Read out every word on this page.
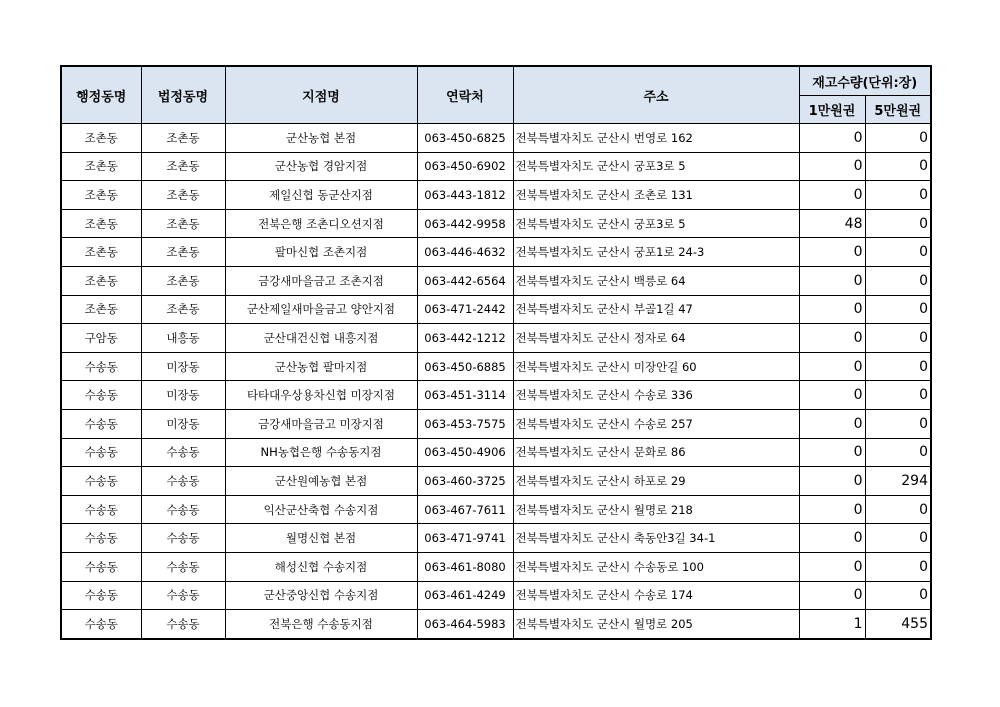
행정동명	법정동명	지점명	연락처	주소	재고수량(단위:장)	
					1만원권	5만원권
조촌동	조촌동	군산농협 본점	063-450-6825	전북특별자치도 군산시 번영로 162	0	0
조촌동	조촌동	군산농협 경암지점	063-450-6902	전북특별자치도 군산시 궁포3로 5	0	0
조촌동	조촌동	제일신협 동군산지점	063-443-1812	전북특별자치도 군산시 조촌로 131	0	0
조촌동	조촌동	전북은행 조촌디오션지점	063-442-9958	전북특별자치도 군산시 궁포3로 5	48	0
조촌동	조촌동	팔마신협 조촌지점	063-446-4632	전북특별자치도 군산시 궁포1로 24-3	0	0
조촌동	조촌동	금강새마을금고 조촌지점	063-442-6564	전북특별자치도 군산시 백릉로 64	0	0
조촌동	조촌동	군산제일새마을금고 양안지점	063-471-2442	전북특별자치도 군산시 부골1길 47	0	0
구암동	내흥동	군산대건신협 내흥지점	063-442-1212	전북특별자치도 군산시 정자로 64	0	0
수송동	미장동	군산농협 팔마지점	063-450-6885	전북특별자치도 군산시 미장안길 60	0	0
수송동	미장동	타타대우상용차신협 미장지점	063-451-3114	전북특별자치도 군산시 수송로 336	0	0
수송동	미장동	금강새마을금고 미장지점	063-453-7575	전북특별자치도 군산시 수송로 257	0	0
수송동	수송동	NH농협은행 수송동지점	063-450-4906	전북특별자치도 군산시 문화로 86	0	0
수송동	수송동	군산원예농협 본점	063-460-3725	전북특별자치도 군산시 하포로 29	0	294
수송동	수송동	익산군산축협 수송지점	063-467-7611	전북특별자치도 군산시 월명로 218	0	0
수송동	수송동	월명신협 본점	063-471-9741	전북특별자치도 군산시 축동안3길 34-1	0	0
수송동	수송동	해성신협 수송지점	063-461-8080	전북특별자치도 군산시 수송동로 100	0	0
수송동	수송동	군산중앙신협 수송지점	063-461-4249	전북특별자치도 군산시 수송로 174	0	0
수송동	수송동	전북은행 수송동지점	063-464-5983	전북특별자치도 군산시 월명로 205	1	455
